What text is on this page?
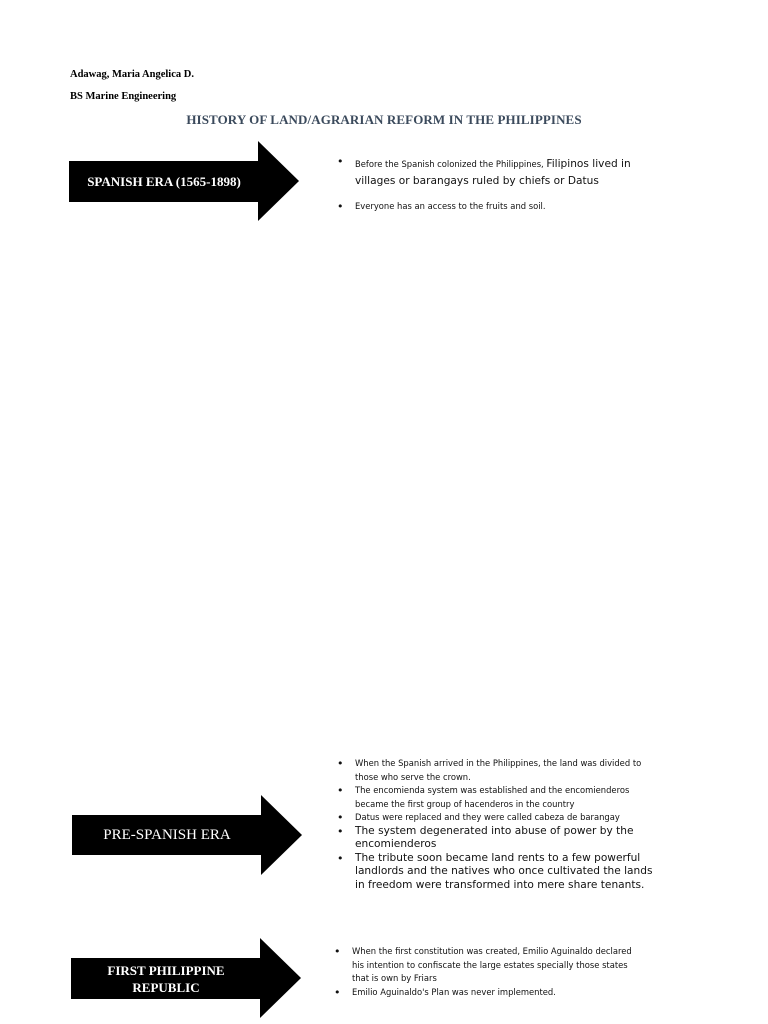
Adawag, Maria Angelica D.
BS Marine Engineering
HISTORY OF LAND/AGRARIAN REFORM IN THE PHILIPPINES
SPANISH ERA (1565-1898)
• Before the Spanish colonized the Philippines, Filipinos lived in villages or barangays ruled by chiefs or Datus
• Everyone has an access to the fruits and soil.
PRE-SPANISH ERA
• When the Spanish arrived in the Philippines, the land was divided to those who serve the crown.
• The encomienda system was established and the encomienderos became the first group of hacenderos in the country
• Datus were replaced and they were called cabeza de barangay
• The system degenerated into abuse of power by the encomienderos
• The tribute soon became land rents to a few powerful landlords and the natives who once cultivated the lands in freedom were transformed into mere share tenants.
FIRST PHILIPPINE REPUBLIC
• When the first constitution was created, Emilio Aguinaldo declared his intention to confiscate the large estates specially those states that is own by Friars
• Emilio Aguinaldo's Plan was never implemented.
